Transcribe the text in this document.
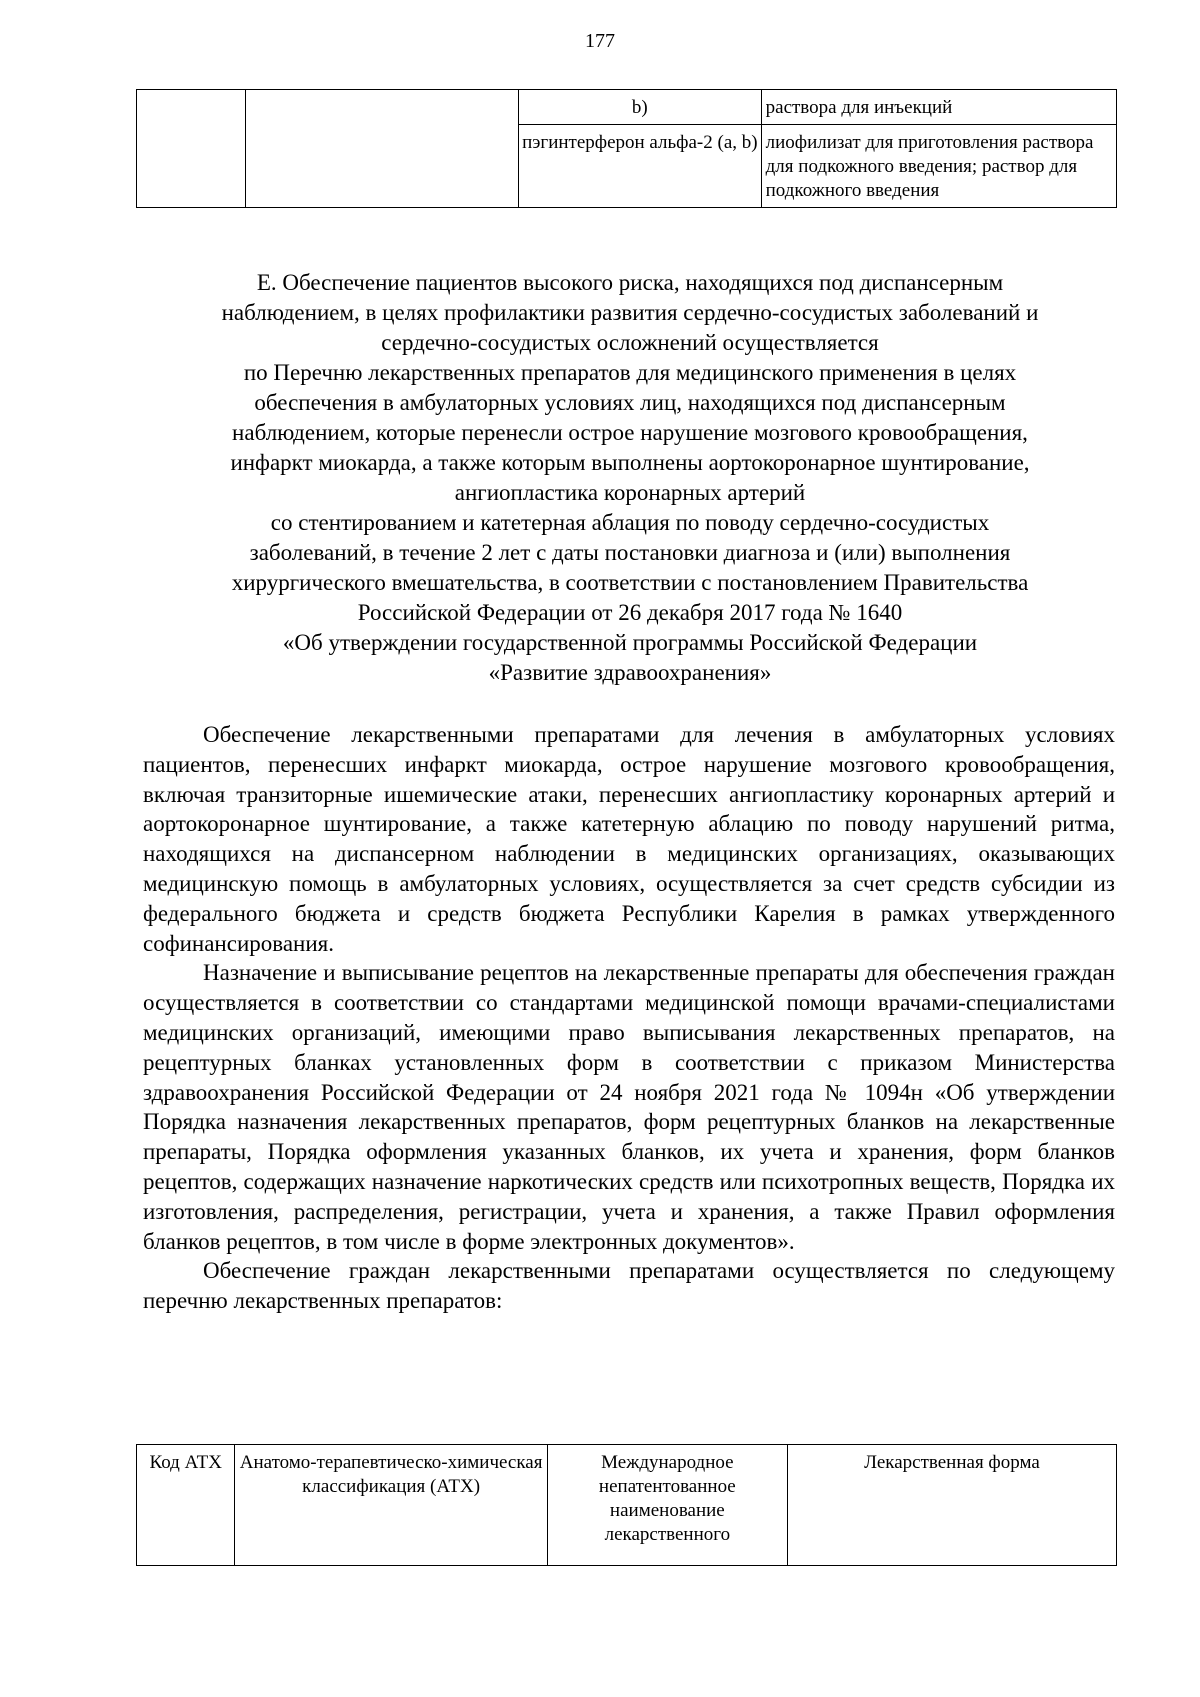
177
		b)	раствора для инъекций
		пэгинтерферон альфа-2 (a, b)	лиофилизат для приготовления раствора для подкожного введения; раствор для подкожного введения
Е. Обеспечение пациентов высокого риска, находящихся под диспансерным
наблюдением, в целях профилактики развития сердечно-сосудистых заболеваний и
сердечно-сосудистых осложнений осуществляется
по Перечню лекарственных препаратов для медицинского применения в целях
обеспечения в амбулаторных условиях лиц, находящихся под диспансерным
наблюдением, которые перенесли острое нарушение мозгового кровообращения,
инфаркт миокарда, а также которым выполнены аортокоронарное шунтирование,
ангиопластика коронарных артерий
со стентированием и катетерная аблация по поводу сердечно-сосудистых
заболеваний, в течение 2 лет с даты постановки диагноза и (или) выполнения
хирургического вмешательства, в соответствии с постановлением Правительства
Российской Федерации от 26 декабря 2017 года № 1640
«Об утверждении государственной программы Российской Федерации
«Развитие здравоохранения»

Обеспечение лекарственными препаратами для лечения в амбулаторных условиях пациентов, перенесших инфаркт миокарда, острое нарушение мозгового кровообращения, включая транзиторные ишемические атаки, перенесших ангиопластику коронарных артерий и аортокоронарное шунтирование, а также катетерную аблацию по поводу нарушений ритма, находящихся на диспансерном наблюдении в медицинских организациях, оказывающих медицинскую помощь в амбулаторных условиях, осуществляется за счет средств субсидии из федерального бюджета и средств бюджета Республики Карелия в рамках утвержденного софинансирования.

Назначение и выписывание рецептов на лекарственные препараты для обеспечения граждан осуществляется в соответствии со стандартами медицинской помощи врачами-специалистами медицинских организаций, имеющими право выписывания лекарственных препаратов, на рецептурных бланках установленных форм в соответствии с приказом Министерства здравоохранения Российской Федерации от 24 ноября 2021 года № 1094н «Об утверждении Порядка назначения лекарственных препаратов, форм рецептурных бланков на лекарственные препараты, Порядка оформления указанных бланков, их учета и хранения, форм бланков рецептов, содержащих назначение наркотических средств или психотропных веществ, Порядка их изготовления, распределения, регистрации, учета и хранения, а также Правил оформления бланков рецептов, в том числе в форме электронных документов».

Обеспечение граждан лекарственными препаратами осуществляется по следующему перечню лекарственных препаратов:

Код АТХ	Анатомо-терапевтическо-химическая классификация (АТХ)	Международное непатентованное наименование лекарственного	Лекарственная форма
